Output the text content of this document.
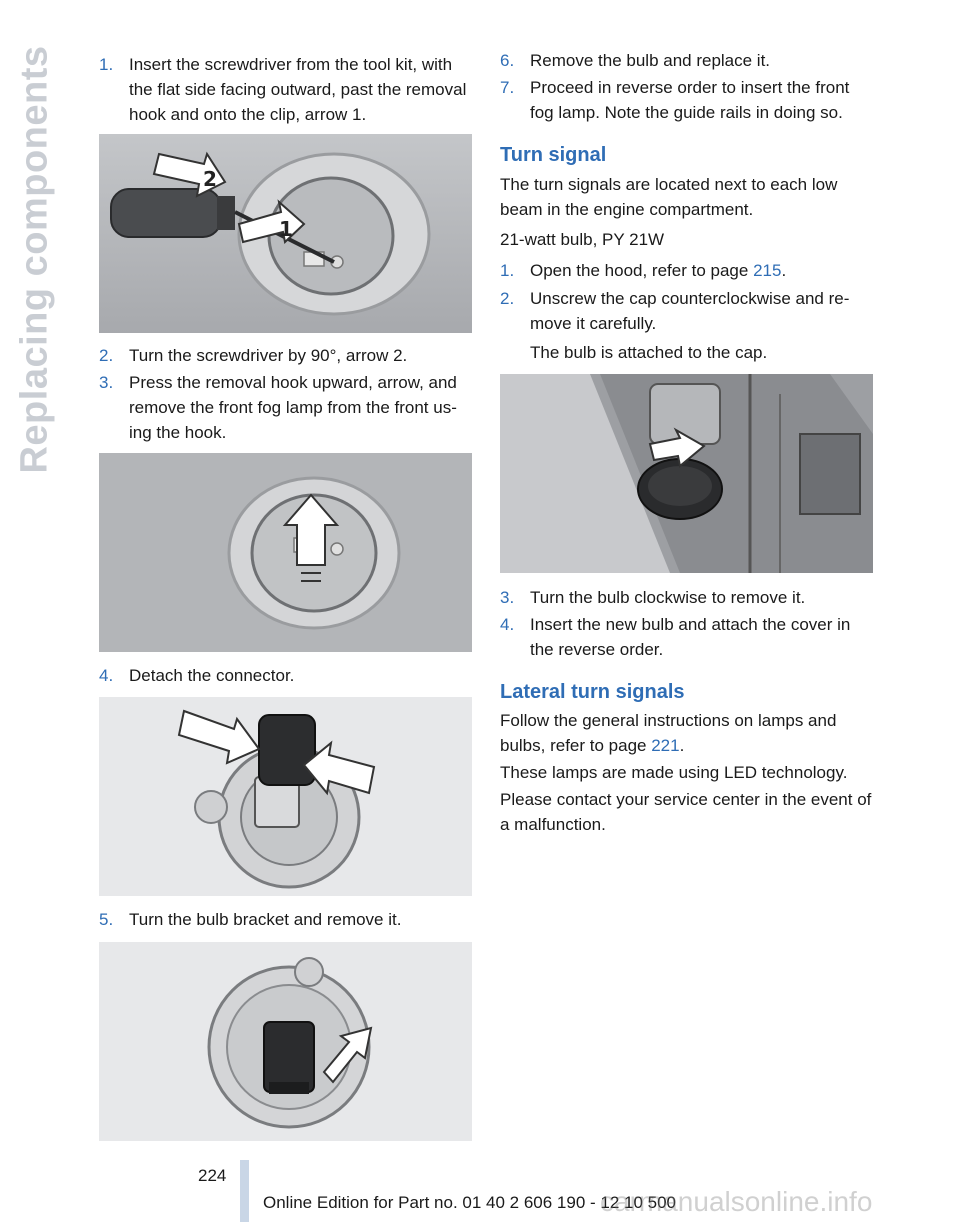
Replacing components	1. Insert the screwdriver from the tool kit, with the flat side facing outward, past the removal hook and onto the clip, arrow 1.
1
2
2. Turn the screwdriver by 90°, arrow 2.
3. Press the removal hook upward, arrow, and remove the front fog lamp from the front using the hook.
4. Detach the connector.
5. Turn the bulb bracket and remove it.
6. Remove the bulb and replace it.
7. Proceed in reverse order to insert the front fog lamp. Note the guide rails in doing so.
Turn signal
The turn signals are located next to each low beam in the engine compartment.
21-watt bulb, PY 21W
1. Open the hood, refer to page 215.
2. Unscrew the cap counterclockwise and remove it carefully.
The bulb is attached to the cap.
3. Turn the bulb clockwise to remove it.
4. Insert the new bulb and attach the cover in the reverse order.
Lateral turn signals
Follow the general instructions on lamps and bulbs, refer to page 221.
These lamps are made using LED technology.
Please contact your service center in the event of a malfunction.
224
Online Edition for Part no. 01 40 2 606 190 - 12 10 500
carmanualsonline.info
